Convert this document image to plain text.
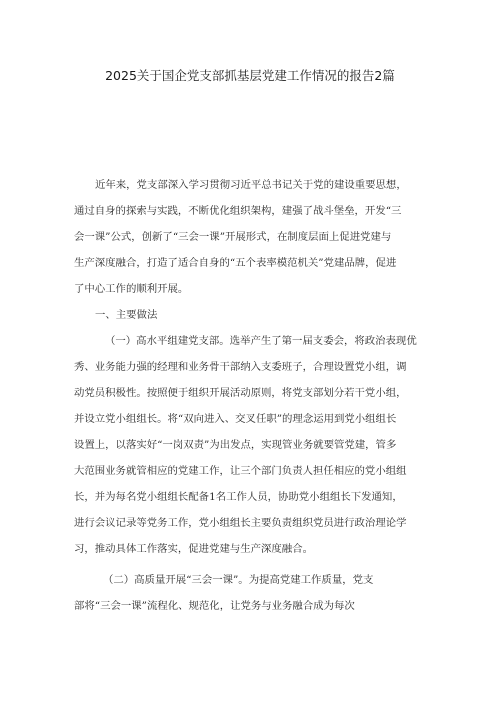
2025关于国企党支部抓基层党建工作情况的报告2篇
近年来，党支部深入学习贯彻习近平总书记关于党的建设重要思想，
通过自身的探索与实践，不断优化组织架构，建强了战斗堡垒，开发“三
会一课”公式，创新了“三会一课”开展形式，在制度层面上促进党建与
生产深度融合，打造了适合自身的“五个表率模范机关”党建品牌，促进
了中心工作的顺利开展。
一、主要做法
（一）高水平组建党支部。选举产生了第一届支委会，将政治表现优
秀、业务能力强的经理和业务骨干部纳入支委班子，合理设置党小组，调
动党员积极性。按照便于组织开展活动原则，将党支部划分若干党小组，
并设立党小组组长。将“双向进入、交叉任职”的理念运用到党小组组长
设置上，以落实好“一岗双责”为出发点，实现管业务就要管党建，管多
大范围业务就管相应的党建工作，让三个部门负责人担任相应的党小组组
长，并为每名党小组组长配备1名工作人员，协助党小组组长下发通知，
进行会议记录等党务工作，党小组组长主要负责组织党员进行政治理论学
习，推动具体工作落实，促进党建与生产深度融合。
（二）高质量开展“三会一课”。为提高党建工作质量，党支
部将“三会一课”流程化、规范化，让党务与业务融合成为每次
